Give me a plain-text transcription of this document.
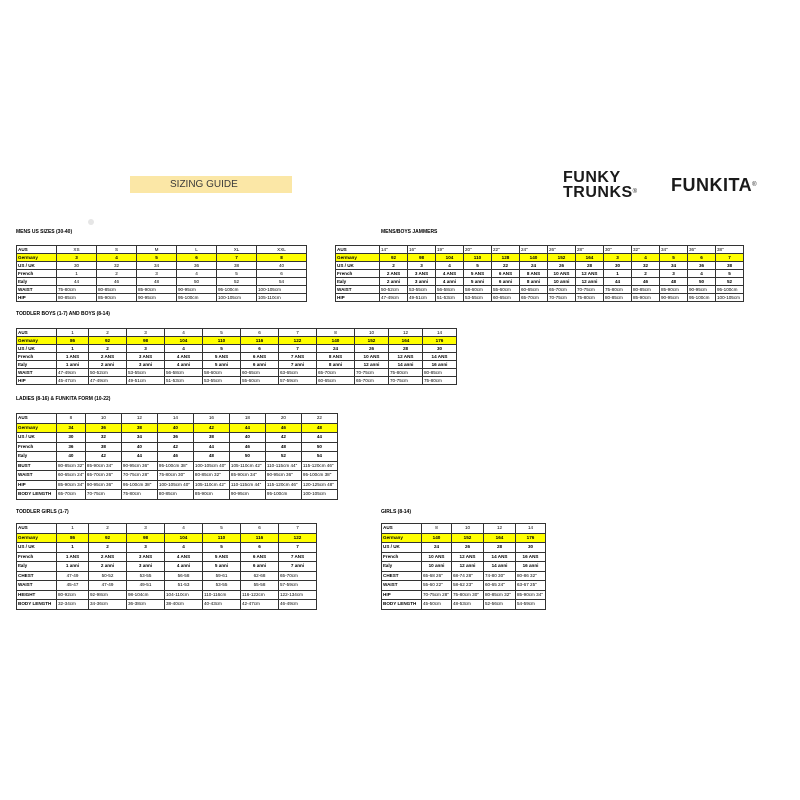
SIZING GUIDE	FUNKY
TRUNKS® FUNKITA®
MENS US SIZES (30-40)	MENS/BOYS JAMMERS
TODDLER BOYS (1-7) AND BOYS (8-14)
LADIES (8-16) & FUNKITA FORM (10-22)
TODDLER GIRLS (1-7)	GIRLS (8-14)
AUS	XS	S	M	L	XL	XXL
Germany	3	4	5	6	7	8
US / UK	30	32	34	36	38	40
French	1	2	3	4	5	6
Italy	44	46	48	50	52	54
WAIST	75-80cm	80-85cm	85-90cm	90-95cm	95-100cm	100-105cm
HIP	80-85cm	85-90cm	90-95cm	95-100cm	100-105cm	105-110cm
AUS	14"	16"	19"	20"	22"	24"	26"	28"	30"	32"	34"	36"	38"
Germany	92	98	104	110	128	140	152	164	3	4	5	6	7
US / UK	2	3	4	5	22	24	26	28	30	32	34	36	38
French	2 ANS	3 ANS	4 ANS	5 ANS	6 ANS	8 ANS	10 ANS	12 ANS	1	2	3	4	5
Italy	2 anni	3 anni	4 anni	5 anni	6 anni	8 anni	10 anni	12 anni	44	46	48	50	52
WAIST	50-52cm	53-55cm	56-58cm	58-60cm	55-60cm	60-65cm	65-70cm	70-75cm	75-80cm	80-85cm	85-90cm	90-95cm	95-100cm
HIP	47-49cm	49-51cm	51-53cm	53-55cm	60-65cm	65-70cm	70-75cm	75-80cm	80-85cm	85-90cm	90-95cm	95-100cm	100-105cm
AUS	1	2	3	4	5	6	7	8	10	12	14
Germany	86	92	98	104	110	116	122	140	152	164	176
US / UK	1	2	3	4	5	6	7	24	26	28	30
French	1 ANS	2 ANS	3 ANS	4 ANS	5 ANS	6 ANS	7 ANS	8 ANS	10 ANS	12 ANS	14 ANS
Italy	1 anni	2 anni	3 anni	4 anni	5 anni	6 anni	7 anni	8 anni	12 anni	14 anni	16 anni
WAIST	47-49cm	50-52cm	53-55cm	56-58cm	58-60cm	60-65cm	63-65cm	65-70cm	70-75cm	75-80cm	80-85cm
HIP	45-47cm	47-49cm	49-51cm	51-53cm	53-55cm	55-60cm	57-59cm	60-65cm	65-70cm	70-75cm	75-80cm
AUS	1	2	3	4	5	6	7
Germany	86	92	98	104	110	116	122
US / UK	1	2	3	4	5	6	7
French	1 ANS	2 ANS	3 ANS	4 ANS	5 ANS	6 ANS	7 ANS
Italy	1 anni	2 anni	3 anni	4 anni	5 anni	6 anni	7 anni
CHEST	47-49	50-52	53-55	56-58	59-61	62-68	65-70cm
WAIST	45-47	47-49	49-51	51-53	53-55	55-58	57-59cm
HEIGHT	80-92cm	92-98cm	98-104cm	104-110cm	110-116cm	116-122cm	122-134cm
BODY LENGTH	32-34cm	34-36cm	36-38cm	38-40cm	40-43cm	42-47cm	46-49cm
AUS	8	10	12	14
Germany	140	152	164	176
US / UK	24	26	28	30
French	10 ANS	12 ANS	14 ANS	16 ANS
Italy	10 anni	12 anni	14 anni	16 anni
CHEST	65-68 26"	68-74 28"	74-80 30"	80-86 32"
WAIST	55-60 22"	58-62 23"	60-65 24"	63-67 25"
HIP	70-75cm 28"	75-80cm 30"	80-85cm 32"	85-90cm 34"
BODY LENGTH	45-50cm	48-53cm	52-56cm	54-59cm
AUS	8	10	12	14	16	18	20	22
Germany	34	36	38	40	42	44	46	48
US / UK	30	32	34	36	38	40	42	44
French	36	38	40	42	44	46	48	50
Italy	40	42	44	46	48	50	52	54
BUST	80-85cm 32"	85-90cm 34"	90-95cm 36"	95-100cm 38"	100-105cm 40"	105-110cm 42"	110-115cm 44"	115-120cm 46"
WAIST	60-65cm 24"	65-70cm 26"	70-75cm 28"	75-80cm 30"	80-85cm 32"	85-90cm 34"	90-95cm 36"	95-100cm 38"
HIP	85-90cm 34"	90-95cm 36"	95-100cm 38"	100-105cm 40"	105-110cm 42"	110-115cm 44"	115-120cm 46"	120-125cm 48"
BODY LENGTH	65-70cm	70-75cm	75-80cm	80-85cm	85-90cm	90-95cm	95-100cm	100-105cm
